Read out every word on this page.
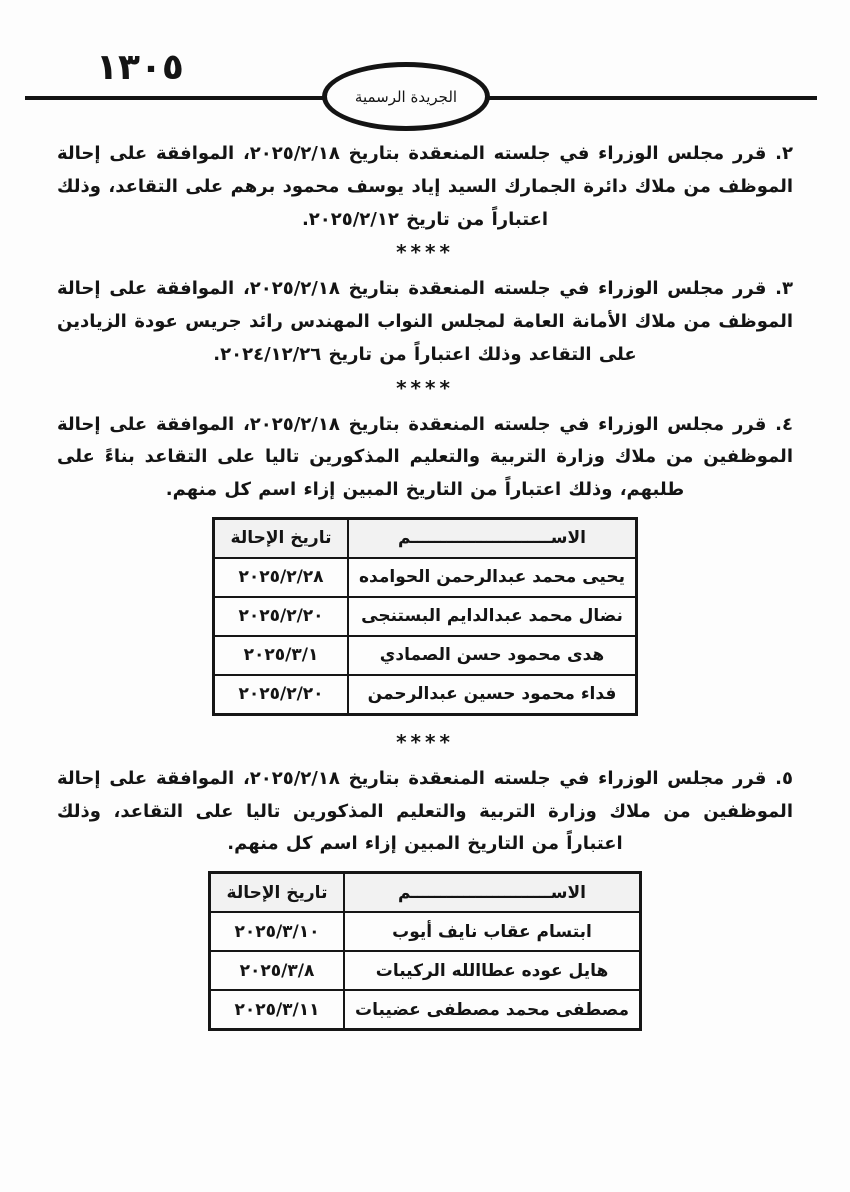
١٣٠٥
الجريدة الرسمية

٢. قرر مجلس الوزراء في جلسته المنعقدة بتاريخ ٢٠٢٥/٢/١٨، الموافقة على إحالة الموظف من ملاك دائرة الجمارك السيد إياد يوسف محمود برهم على التقاعد، وذلك اعتباراً من تاريخ ٢٠٢٥/٢/١٢.

****

٣. قرر مجلس الوزراء في جلسته المنعقدة بتاريخ ٢٠٢٥/٢/١٨، الموافقة على إحالة الموظف من ملاك الأمانة العامة لمجلس النواب المهندس رائد جريس عودة الزيادين على التقاعد وذلك اعتباراً من تاريخ ٢٠٢٤/١٢/٢٦.

****

٤. قرر مجلس الوزراء في جلسته المنعقدة بتاريخ ٢٠٢٥/٢/١٨، الموافقة على إحالة الموظفين من ملاك وزارة التربية والتعليم المذكورين تاليا على التقاعد بناءً على طلبهم، وذلك اعتباراً من التاريخ المبين إزاء اسم كل منهم.

الاســــــــــــــــــــــــم	تاريخ الإحالة
يحيى محمد عبدالرحمن الحوامده	٢٠٢٥/٢/٢٨
نضال محمد عبدالدايم البستنجى	٢٠٢٥/٢/٢٠
هدى محمود حسن الصمادي	٢٠٢٥/٣/١
فداء محمود حسين عبدالرحمن	٢٠٢٥/٢/٢٠
****

٥. قرر مجلس الوزراء في جلسته المنعقدة بتاريخ ٢٠٢٥/٢/١٨، الموافقة على إحالة الموظفين من ملاك وزارة التربية والتعليم المذكورين تاليا على التقاعد، وذلك اعتباراً من التاريخ المبين إزاء اسم كل منهم.

الاســــــــــــــــــــــــم	تاريخ الإحالة
ابتسام عقاب نايف أيوب	٢٠٢٥/٣/١٠
هايل عوده عطاالله الركيبات	٢٠٢٥/٣/٨
مصطفى محمد مصطفى عضيبات	٢٠٢٥/٣/١١
